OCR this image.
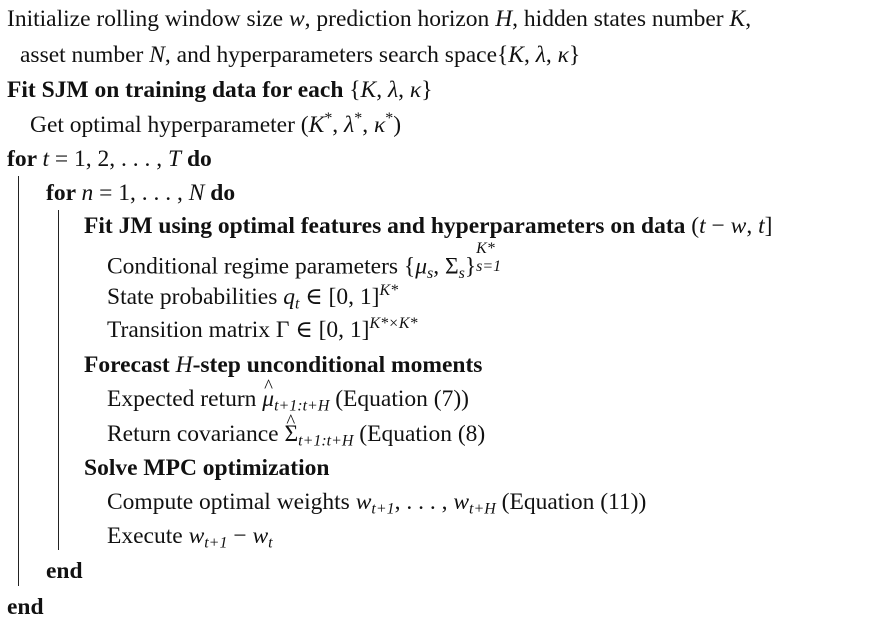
Initialize rolling window size w, prediction horizon H, hidden states number K,
asset number N, and hyperparameters search space{K, λ, κ}
Fit SJM on training data for each {K, λ, κ}
Get optimal hyperparameter (K*, λ*, κ*)
for t = 1, 2, . . . , T do
for n = 1, . . . , N do
Fit JM using optimal features and hyperparameters on data (t − w, t]
Conditional regime parameters {$\mu_s$, $\Sigma_s$}
K*
s=1
State probabilities $q_t$ ∈ [0, 1]$^{K*}$
Transition matrix Γ ∈ [0, 1]$^{K*\times K*}$
Forecast H-step unconditional moments
Expected return ^ $\mu_{t+1:t+H}$ (Equation (7))
Return covariance ^ $\Sigma_{t+1:t+H}$ (Equation (8)
Solve MPC optimization
Compute optimal weights $w_{t+1}$, . . . , $w_{t+H}$ (Equation (11))
Execute $w_{t+1} - w_t$
end
end
